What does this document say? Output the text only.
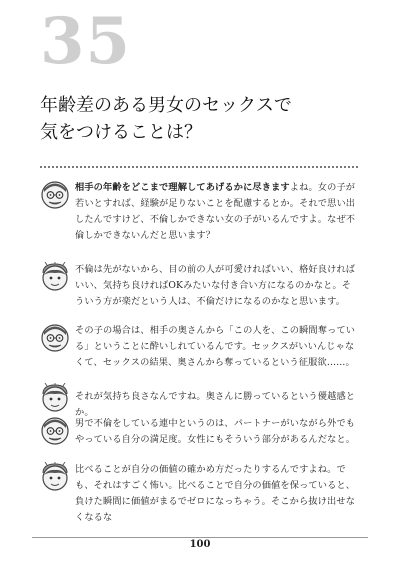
35
年齢差のある男女のセックスで
気をつけることは？

相手の年齢をどこまで理解してあげるかに尽きますよね。女の子が若いとすれば、経験が足りないことを配慮するとか。それで思い出したんですけど、不倫しかできない女の子がいるんですよ。なぜ不倫しかできないんだと思います？

不倫は先がないから、目の前の人が可愛ければいい、格好良ければいい、気持ち良ければOKみたいな付き合い方になるのかなと。そういう方が楽だという人は、不倫だけになるのかなと思います。

その子の場合は、相手の奥さんから「この人を、この瞬間奪っている」ということに酔いしれているんです。セックスがいいんじゃなくて、セックスの結果、奥さんから奪っているという征服欲……。

それが気持ち良さなんですね。奥さんに勝っているという優越感とか。

男で不倫をしている連中というのは、パートナーがいながら外でもやっている自分の満足度。女性にもそういう部分があるんだなと。

比べることが自分の価値の確かめ方だったりするんですよね。でも、それはすごく怖い。比べることで自分の価値を保っていると、負けた瞬間に価値がまるでゼロになっちゃう。そこから抜け出せなくなるな

100
